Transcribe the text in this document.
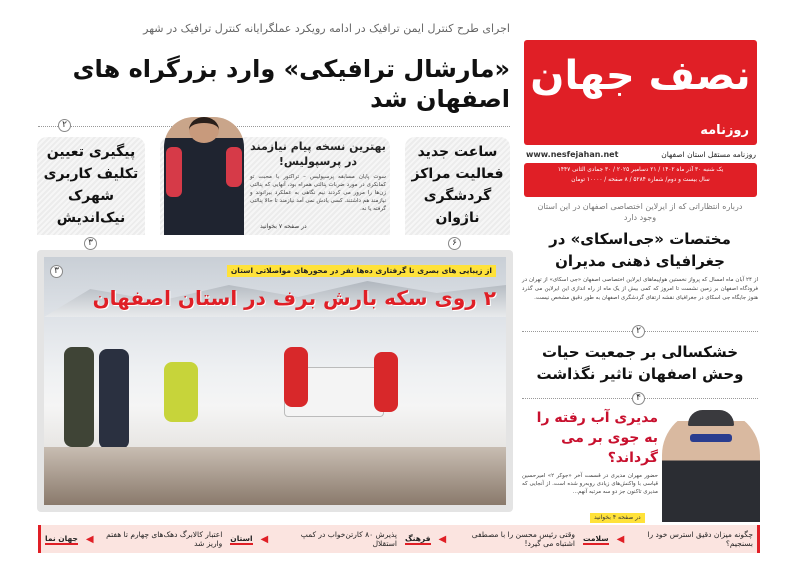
اجرای طرح کنترل ایمن ترافیک در ادامه رویکرد عملگرایانه کنترل ترافیک در شهر
«مارشال ترافیکی» وارد بزرگراه های اصفهان شد
۲
پیگیری تعیین تکلیف کاربری شهرک نیک‌اندیش
۳
بهترین نسخه پیام نیازمند در پرسپولیس!
سوت پایان مسابقه پرسپولیس – تراکتور با محبت تو کمانکری در مورد ضربات پنالتی همراه بود، آنهایی که پنالتی زن‌ها را مرور می کردند نیم نگاهی به عملکرد بیرانوند و نیازمند هم داشتند. کسی یادش نمی آمد نیازمند تا حالا پنالتی گرفته یا نه.
در صفحه ۷ بخوانید
ساعت جدید فعالیت مراکز گردشگری ناژوان
۶
از زیبایی های بصری تا گرفتاری ده‌ها نفر در محورهای مواصلاتی استان
۲ روی سکه بارش برف در استان اصفهان
۳
نصف جهان
روزنامه
www.nesfejahan.net	روزنامه مستقل استان اصفهان
یک شنبه ۳۰ آذر ماه ۱۴۰۲ / ۲۱ دسامبر ۲۰۲۵ / ۳۰ جمادی الثانی ۱۴۴۷
سال بیست و دوم/ شماره ۵۲۸۴ / ۸ صفحه / ۱۰۰۰۰ تومان
درباره انتظاراتی که از ایرلاین اختصاصی اصفهان در این استان وجود دارد
مختصات «جی‌اسکای» در جغرافیای ذهنی مدیران
از ۲۴ آبان ماه امسال که پرواز نخستین هواپیماهای ایرلاین اختصاصی اصفهان «جی اسکای» از تهران در فرودگاه اصفهان بر زمین نشست تا امروز که کمی بیش از یک ماه از راه اندازی این ایرلاین می گذرد هنوز جایگاه جی اسکای در جغرافیای نقشه ارتقای گردشگری اصفهان به طور دقیق مشخص نیست.
۲
خشکسالی بر جمعیت حیات وحش اصفهان تاثیر نگذاشت
۴
مدیری آب رفته را به جوی بر می گرداند؟
حضور مهران مدیری در قسمت آخر «جوکر ۲» امیرحسین قیاسی با واکنش‌های زیادی روبه‌رو شده است. از آنجایی که مدیری تاکنون جز دو سه مرتبه آنهم...
در صفحه ۴ بخوانید
جهان نما ◀	اعتبار کالابرگ دهک‌های چهارم تا هفتم واریز شد
استان ◀	پذیرش ۸۰ کارتن‌خواب در کمپ استقلال
فرهنگ ◀	وقتی رئیس محسن را با مصطفی اشتباه می گیرد!
سلامت ◀	چگونه میزان دقیق استرس خود را بسنجیم؟
